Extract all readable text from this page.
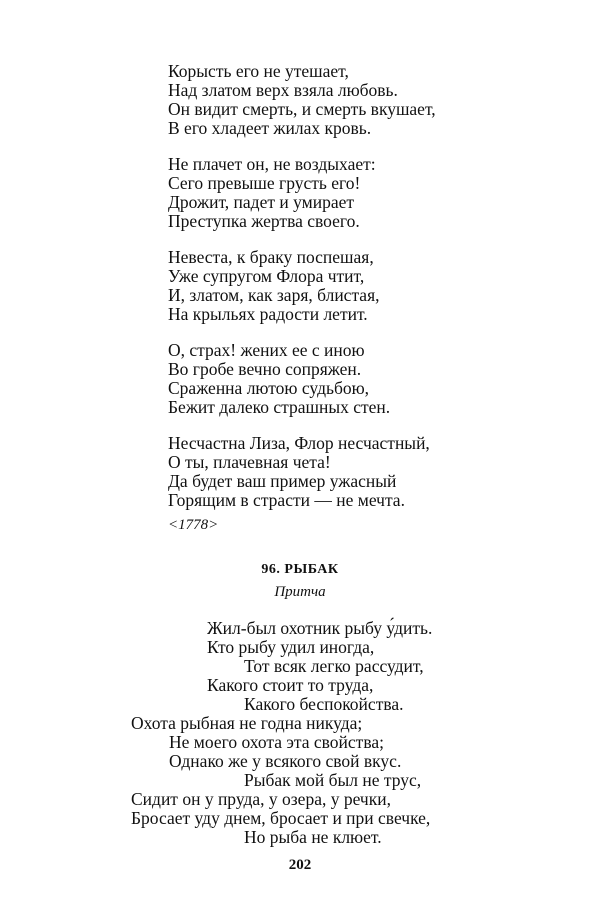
Корысть его не утешает,
Над златом верх взяла любовь.
Он видит смерть, и смерть вкушает,
В его хладеет жилах кровь.
Не плачет он, не воздыхает:
Сего превыше грусть его!
Дрожит, падет и умирает
Преступка жертва своего.
Невеста, к браку поспешая,
Уже супругом Флора чтит,
И, златом, как заря, блистая,
На крыльях радости летит.
О, страх! жених ее с иною
Во гробе вечно сопряжен.
Сраженна лютою судьбою,
Бежит далеко страшных стен.
Несчастна Лиза, Флор несчастный,
О ты, плачевная чета!
Да будет ваш пример ужасный
Горящим в страсти — не мечта.
<1778>
96. РЫБАК
Притча
Жил-был охотник рыбу у́дить.
Кто рыбу удил иногда,
Тот всяк легко рассудит,
Какого стоит то труда,
Какого беспокойства.
Охота рыбная не годна никуда;
Не моего охота эта свойства;
Однако же у всякого свой вкус.
Рыбак мой был не трус,
Сидит он у пруда, у озера, у речки,
Бросает уду днем, бросает и при свечке,
Но рыба не клюет.
202
